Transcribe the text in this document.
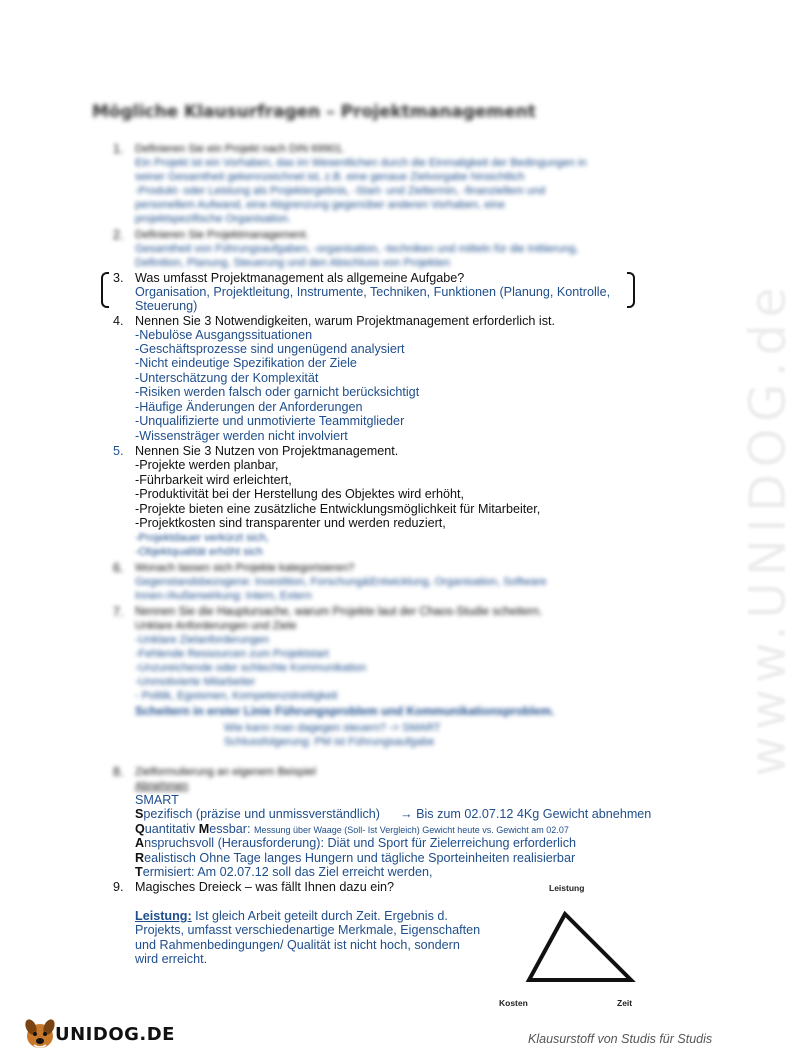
Mögliche Klausurfragen – Projektmanagement
1. Definieren Sie ein Projekt nach DIN 69901.
Ein Projekt ist ein Vorhaben, das im Wesentlichen durch die Einmaligkeit der Bedingungen in
seiner Gesamtheit gekennzeichnet ist, z.B. eine genaue Zielvorgabe hinsichtlich
-Produkt- oder Leistung als Projektergebnis, -Start- und Zieltermin, -finanziellem und
personellem Aufwand, eine Abgrenzung gegenüber anderen Vorhaben, eine
projektspezifische Organisation.
2. Definieren Sie Projektmanagement.
Gesamtheit von Führungsaufgaben, -organisation, -techniken und mitteln für die Initiierung,
Definition, Planung, Steuerung und den Abschluss von Projekten
3. Was umfasst Projektmanagement als allgemeine Aufgabe?
Organisation, Projektleitung, Instrumente, Techniken, Funktionen (Planung, Kontrolle,
Steuerung)
4. Nennen Sie 3 Notwendigkeiten, warum Projektmanagement erforderlich ist.
-Nebulöse Ausgangssituationen
-Geschäftsprozesse sind ungenügend analysiert
-Nicht eindeutige Spezifikation der Ziele
-Unterschätzung der Komplexität
-Risiken werden falsch oder garnicht berücksichtigt
-Häufige Änderungen der Anforderungen
-Unqualifizierte und unmotivierte Teammitglieder
-Wissensträger werden nicht involviert
5. Nennen Sie 3 Nutzen von Projektmanagement.
-Projekte werden planbar,
-Führbarkeit wird erleichtert,
-Produktivität bei der Herstellung des Objektes wird erhöht,
-Projekte bieten eine zusätzliche Entwicklungsmöglichkeit für Mitarbeiter,
-Projektkosten sind transparenter und werden reduziert,
-Projektdauer verkürzt sich,
-Objektqualität erhöht sich
6. Wonach lassen sich Projekte kategorisieren?
Gegenstandsbezogene: Investition, Forschung&Entwicklung, Organisation, Software
Innen-/Außenwirkung: Intern, Extern
7. Nennen Sie die Hauptursache, warum Projekte laut der Chaos-Studie scheitern.
Unklare Anforderungen und Ziele
-Unklare Zielanforderungen
-Fehlende Ressourcen zum Projektstart
-Unzureichende oder schlechte Kommunikation
-Unmotivierte Mitarbeiter
- Politik, Egoismen, Kompetenzstreitigkeit
Scheitern in erster Linie Führungsproblem und Kommunikationsproblem.
Wie kann man dagegen steuern? -> SMART
Schlussfolgerung: PM ist Führungsaufgabe
8. Zielformulierung an eigenem Beispiel
Abnehmen
SMART
Spezifisch (präzise und unmissverständlich) → Bis zum 02.07.12 4Kg Gewicht abnehmen
Quantitativ Messbar: Messung über Waage (Soll- Ist Vergleich) Gewicht heute vs. Gewicht am 02.07
Anspruchsvoll (Herausforderung): Diät und Sport für Zielerreichung erforderlich
Realistisch Ohne Tage langes Hungern und tägliche Sporteinheiten realisierbar
Termisiert: Am 02.07.12 soll das Ziel erreicht werden,
9. Magisches Dreieck – was fällt Ihnen dazu ein?
Leistung: Ist gleich Arbeit geteilt durch Zeit. Ergebnis d.
Projekts, umfasst verschiedenartige Merkmale, Eigenschaften
und Rahmenbedingungen/ Qualität ist nicht hoch, sondern
wird erreicht.
Leistung
Kosten	Zeit
www.UNIDOG.de
UNIDOG.DE	Klausurstoff von Studis für Studis
